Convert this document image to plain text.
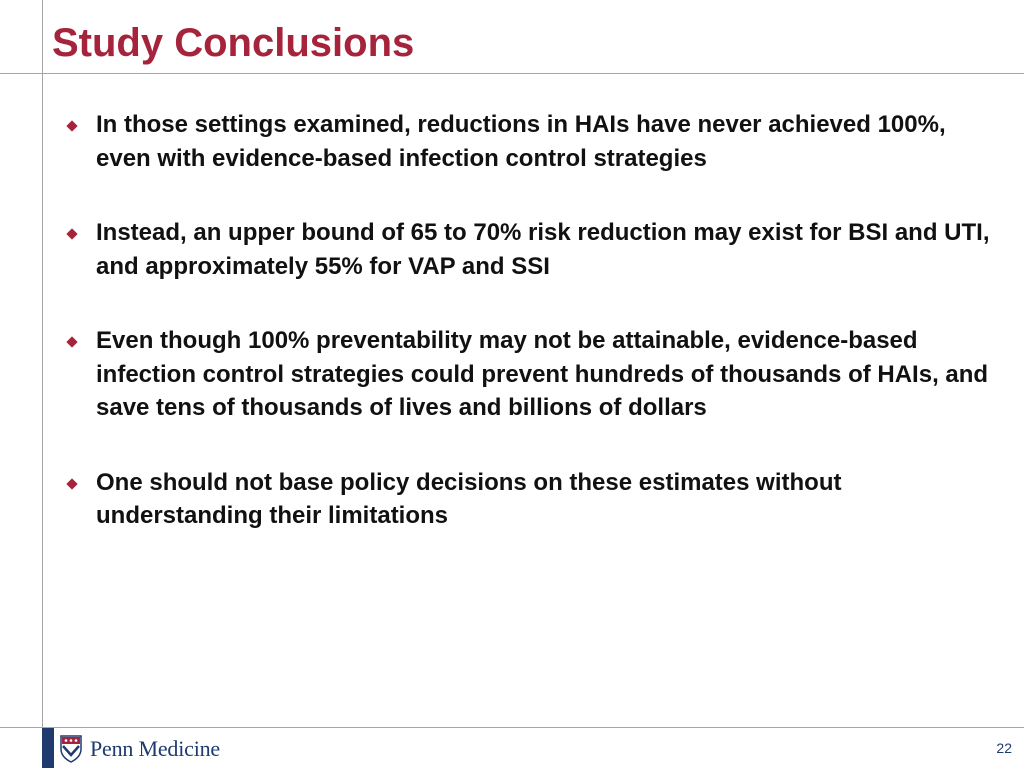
Study Conclusions
In those settings examined, reductions in HAIs have never achieved 100%, even with evidence-based infection control strategies
Instead, an upper bound of 65 to 70% risk reduction may exist for BSI and UTI, and approximately 55% for VAP and SSI
Even though 100% preventability may not be attainable, evidence-based infection control strategies could prevent hundreds of thousands of HAIs, and save tens of thousands of lives and billions of dollars
One should not base policy decisions on these estimates without understanding their limitations
Penn Medicine	22
